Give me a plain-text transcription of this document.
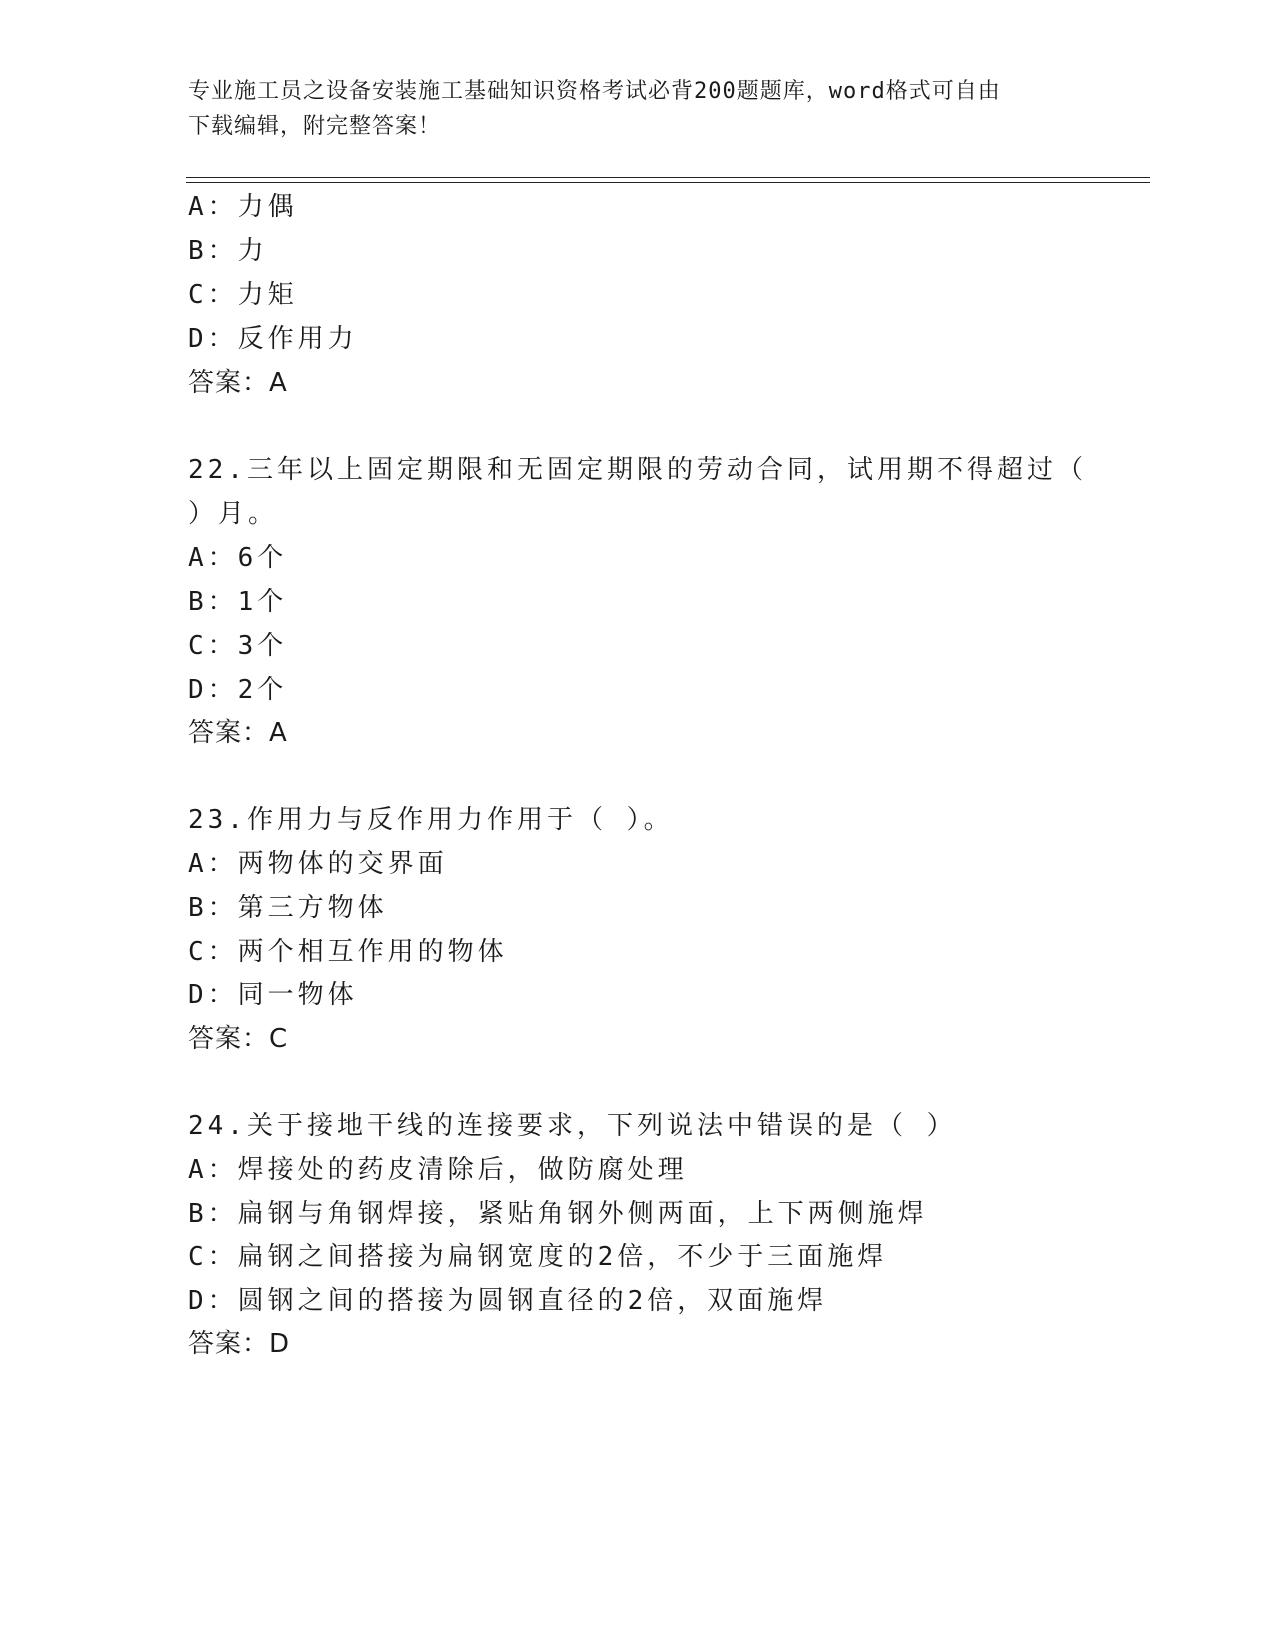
专业施工员之设备安装施工基础知识资格考试必背200题题库，word格式可自由
下载编辑，附完整答案！
A：力偶
B：力
C：力矩
D：反作用力
答案：A
22.三年以上固定期限和无固定期限的劳动合同，试用期不得超过（
）月。
A：6个
B：1个
C：3个
D：2个
答案：A
23.作用力与反作用力作用于（ ）。
A：两物体的交界面
B：第三方物体
C：两个相互作用的物体
D：同一物体
答案：C
24.关于接地干线的连接要求，下列说法中错误的是（ ）
A：焊接处的药皮清除后，做防腐处理
B：扁钢与角钢焊接，紧贴角钢外侧两面，上下两侧施焊
C：扁钢之间搭接为扁钢宽度的2倍，不少于三面施焊
D：圆钢之间的搭接为圆钢直径的2倍，双面施焊
答案：D
